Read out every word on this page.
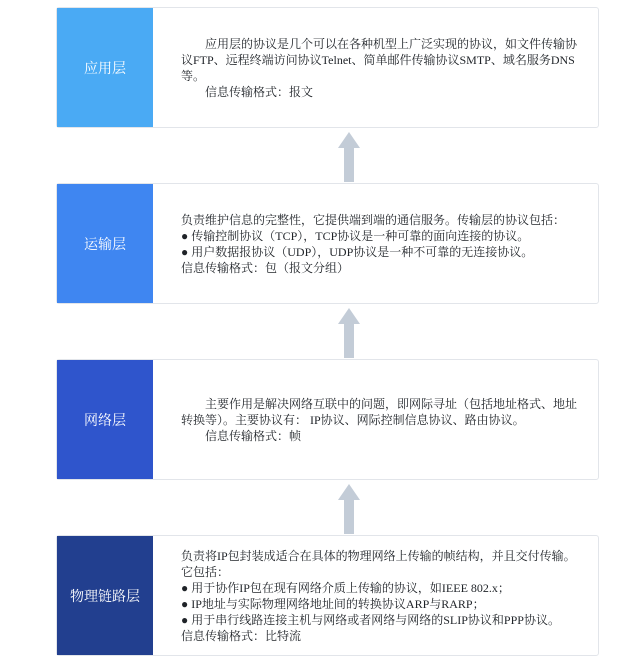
应用层
　　应用层的协议是几个可以在各种机型上广泛实现的协议，如文件传输协议FTP、远程终端访问协议Telnet、简单邮件传输协议SMTP、域名服务DNS等。
　　信息传输格式：报文
运输层
负责维护信息的完整性，它提供端到端的通信服务。传输层的协议包括：
● 传输控制协议（TCP），TCP协议是一种可靠的面向连接的协议。
● 用户数据报协议（UDP），UDP协议是一种不可靠的无连接协议。
信息传输格式：包（报文分组）
网络层
　　主要作用是解决网络互联中的问题，即网际寻址（包括地址格式、地址转换等）。主要协议有： IP协议、网际控制信息协议、路由协议。
　　信息传输格式：帧
物理链路层
负责将IP包封装成适合在具体的物理网络上传输的帧结构，并且交付传输。它包括：
● 用于协作IP包在现有网络介质上传输的协议，如IEEE 802.x；
● IP地址与实际物理网络地址间的转换协议ARP与RARP；
● 用于串行线路连接主机与网络或者网络与网络的SLIP协议和PPP协议。
信息传输格式：比特流
